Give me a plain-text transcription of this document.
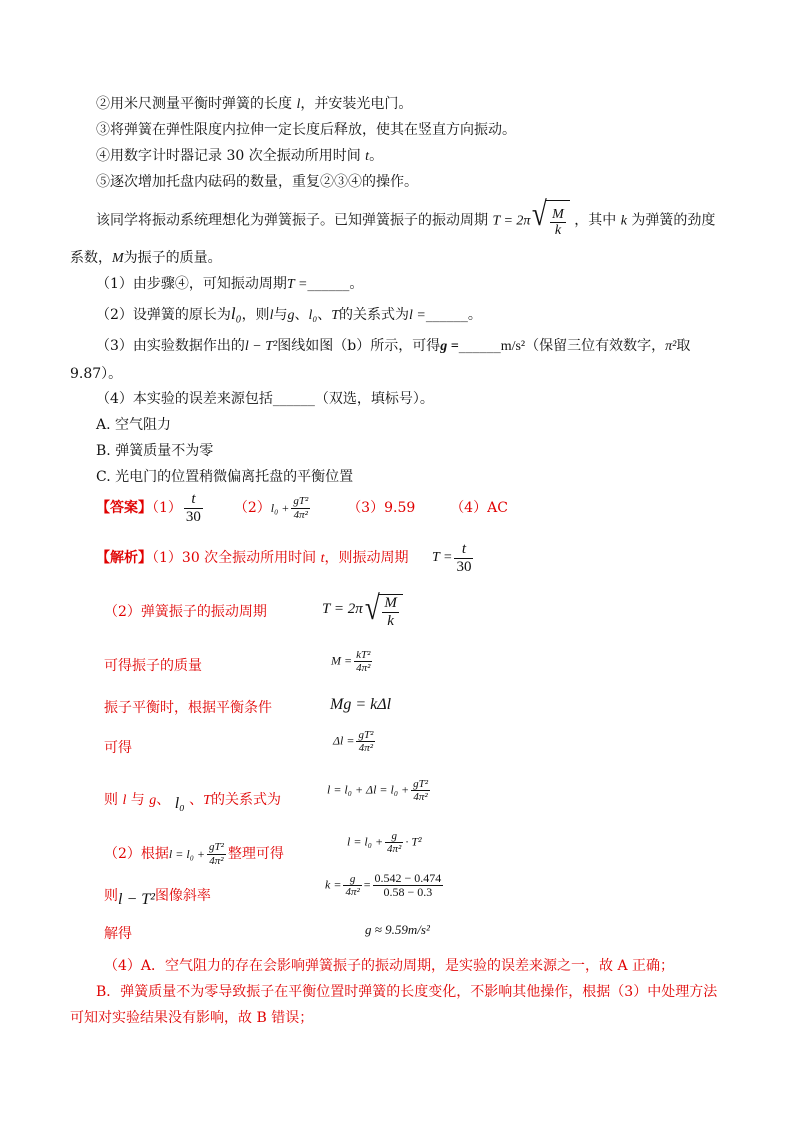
②用米尺测量平衡时弹簧的长度 l，并安装光电门。
③将弹簧在弹性限度内拉伸一定长度后释放，使其在竖直方向振动。
④用数字计时器记录 30 次全振动所用时间 t。
⑤逐次增加托盘内砝码的数量，重复②③④的操作。
该同学将振动系统理想化为弹簧振子。已知弹簧振子的振动周期 T = 2π √ $\frac{M}{k}$ ，其中 k 为弹簧的劲度
系数，M为振子的质量。
（1）由步骤④，可知振动周期T =______。
（2）设弹簧的原长为l₀，则l与g、l₀、T的关系式为l =______。
（3）由实验数据作出的l − T²图线如图（b）所示，可得g =______m/s²（保留三位有效数字，π²取
9.87）。
（4）本实验的误差来源包括______（双选，填标号）。
A. 空气阻力
B. 弹簧质量不为零
C. 光电门的位置稍微偏离托盘的平衡位置
【答案】$(1) \frac{t}{30} (2)l_0 + \frac{\text{gT²}}{\text{4π²}}$	（3）9.59 （4）AC
【解析】（1）30 次全振动所用时间 t，则振动周期 $T = \frac{t}{30}$
（2）弹簧振子的振动周期	T = 2π √ $\frac{M}{k}$
可得振子的质量	$M = \frac{\text{kT²}}{\text{4π²}}$
振子平衡时，根据平衡条件	Mg = kΔl
可得	$\Delta l = \frac{\text{gT²}}{\text{4π²}}$
则 l 与 g、 l₀ 、T的关系式为
$l = l_0 + \Delta l = l_0 + \frac{\text{gT²}}{\text{4π²}}$
（2）根据$l = l_0 + \frac{\text{gT²}}{\text{4π²}}$ 整理可得
$l = l_0 + \frac{g}{\text{4π²}} \cdot T^2$
则l − T²图像斜率
$k = \frac{g}{\text{4π²}} = \frac{0.542 - 0.474}{0.58 - 0.3}$
解得	g ≈ 9.59m/s²
（4）A．空气阻力的存在会影响弹簧振子的振动周期，是实验的误差来源之一，故 A 正确；
B．弹簧质量不为零导致振子在平衡位置时弹簧的长度变化，不影响其他操作，根据（3）中处理方法
可知对实验结果没有影响，故 B 错误；
